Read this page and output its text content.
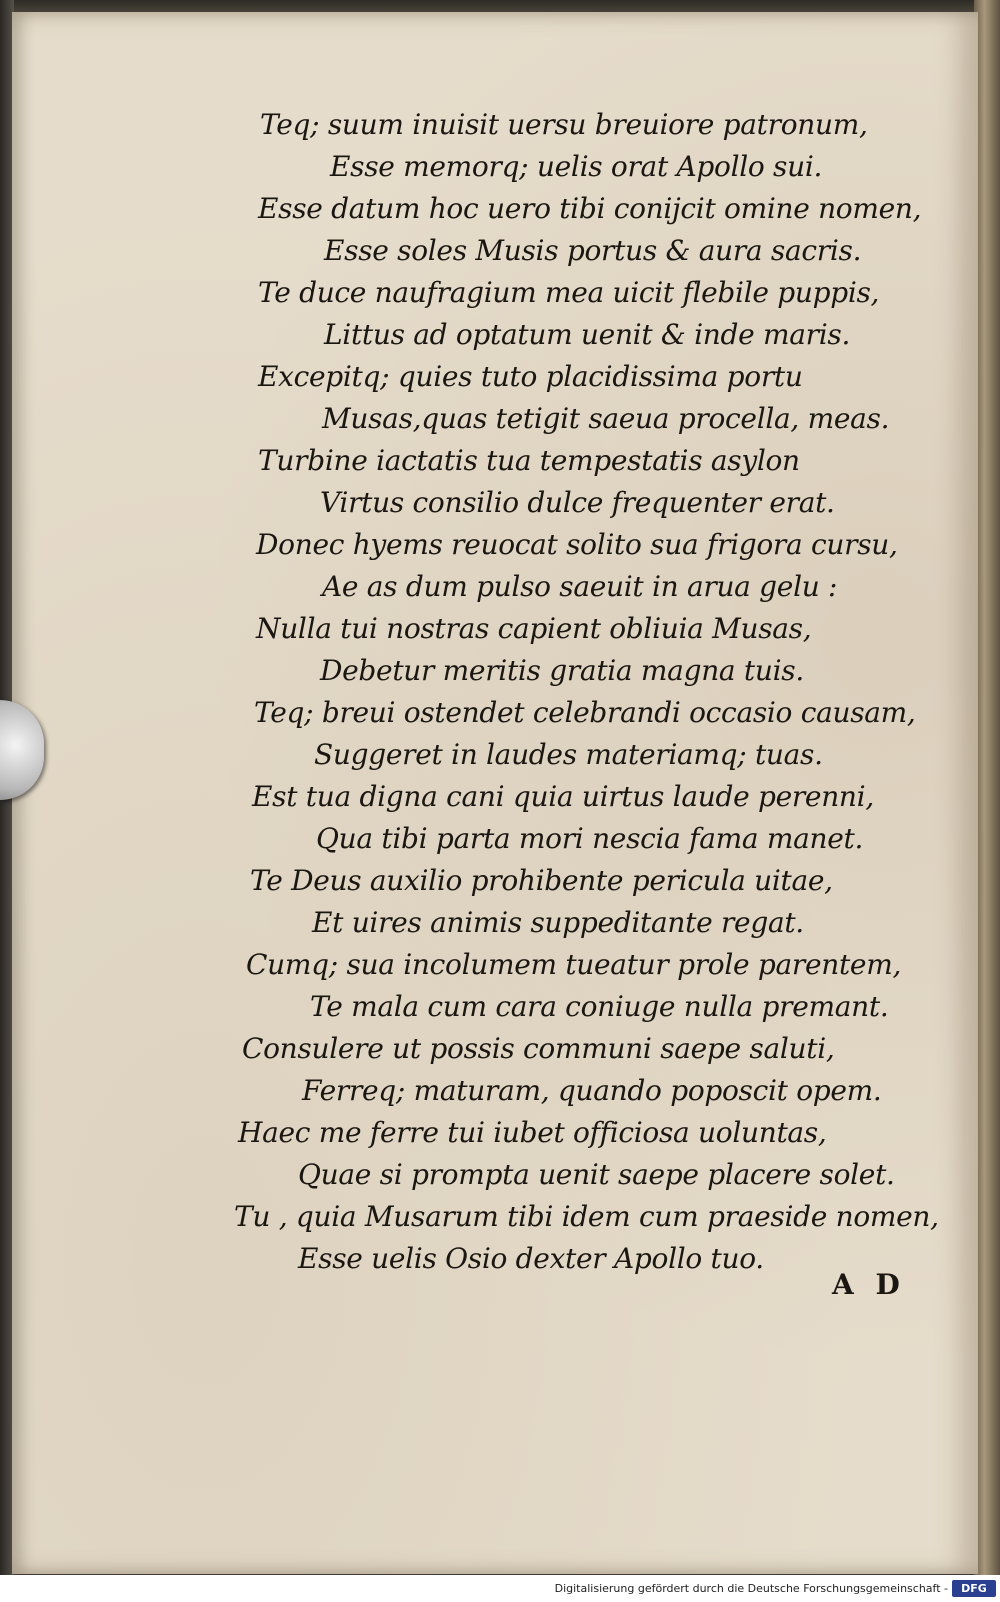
Teq; suum inuisit uersu breuiore patronum,
Esse memorq; uelis orat Apollo sui.
Esse datum hoc uero tibi conijcit omine nomen,
Esse soles Musis portus & aura sacris.
Te duce naufragium mea uicit flebile puppis,
Littus ad optatum uenit & inde maris.
Excepitq; quies tuto placidissima portu
Musas,quas tetigit saeua procella, meas.
Turbine iactatis tua tempestatis asylon
Virtus consilio dulce frequenter erat.
Donec hyems reuocat solito sua frigora cursu,
Ae as dum pulso saeuit in arua gelu :
Nulla tui nostras capient obliuia Musas,
Debetur meritis gratia magna tuis.
Teq; breui ostendet celebrandi occasio causam,
Suggeret in laudes materiamq; tuas.
Est tua digna cani quia uirtus laude perenni,
Qua tibi parta mori nescia fama manet.
Te Deus auxilio prohibente pericula uitae,
Et uires animis suppeditante regat.
Cumq; sua incolumem tueatur prole parentem,
Te mala cum cara coniuge nulla premant.
Consulere ut possis communi saepe saluti,
Ferreq; maturam, quando poposcit opem.
Haec me ferre tui iubet officiosa uoluntas,
Quae si prompta uenit saepe placere solet.
Tu , quia Musarum tibi idem cum praeside nomen,
Esse uelis Osio dexter Apollo tuo.
A D
Digitalisierung gefördert durch die Deutsche Forschungsgemeinschaft -	DFG
